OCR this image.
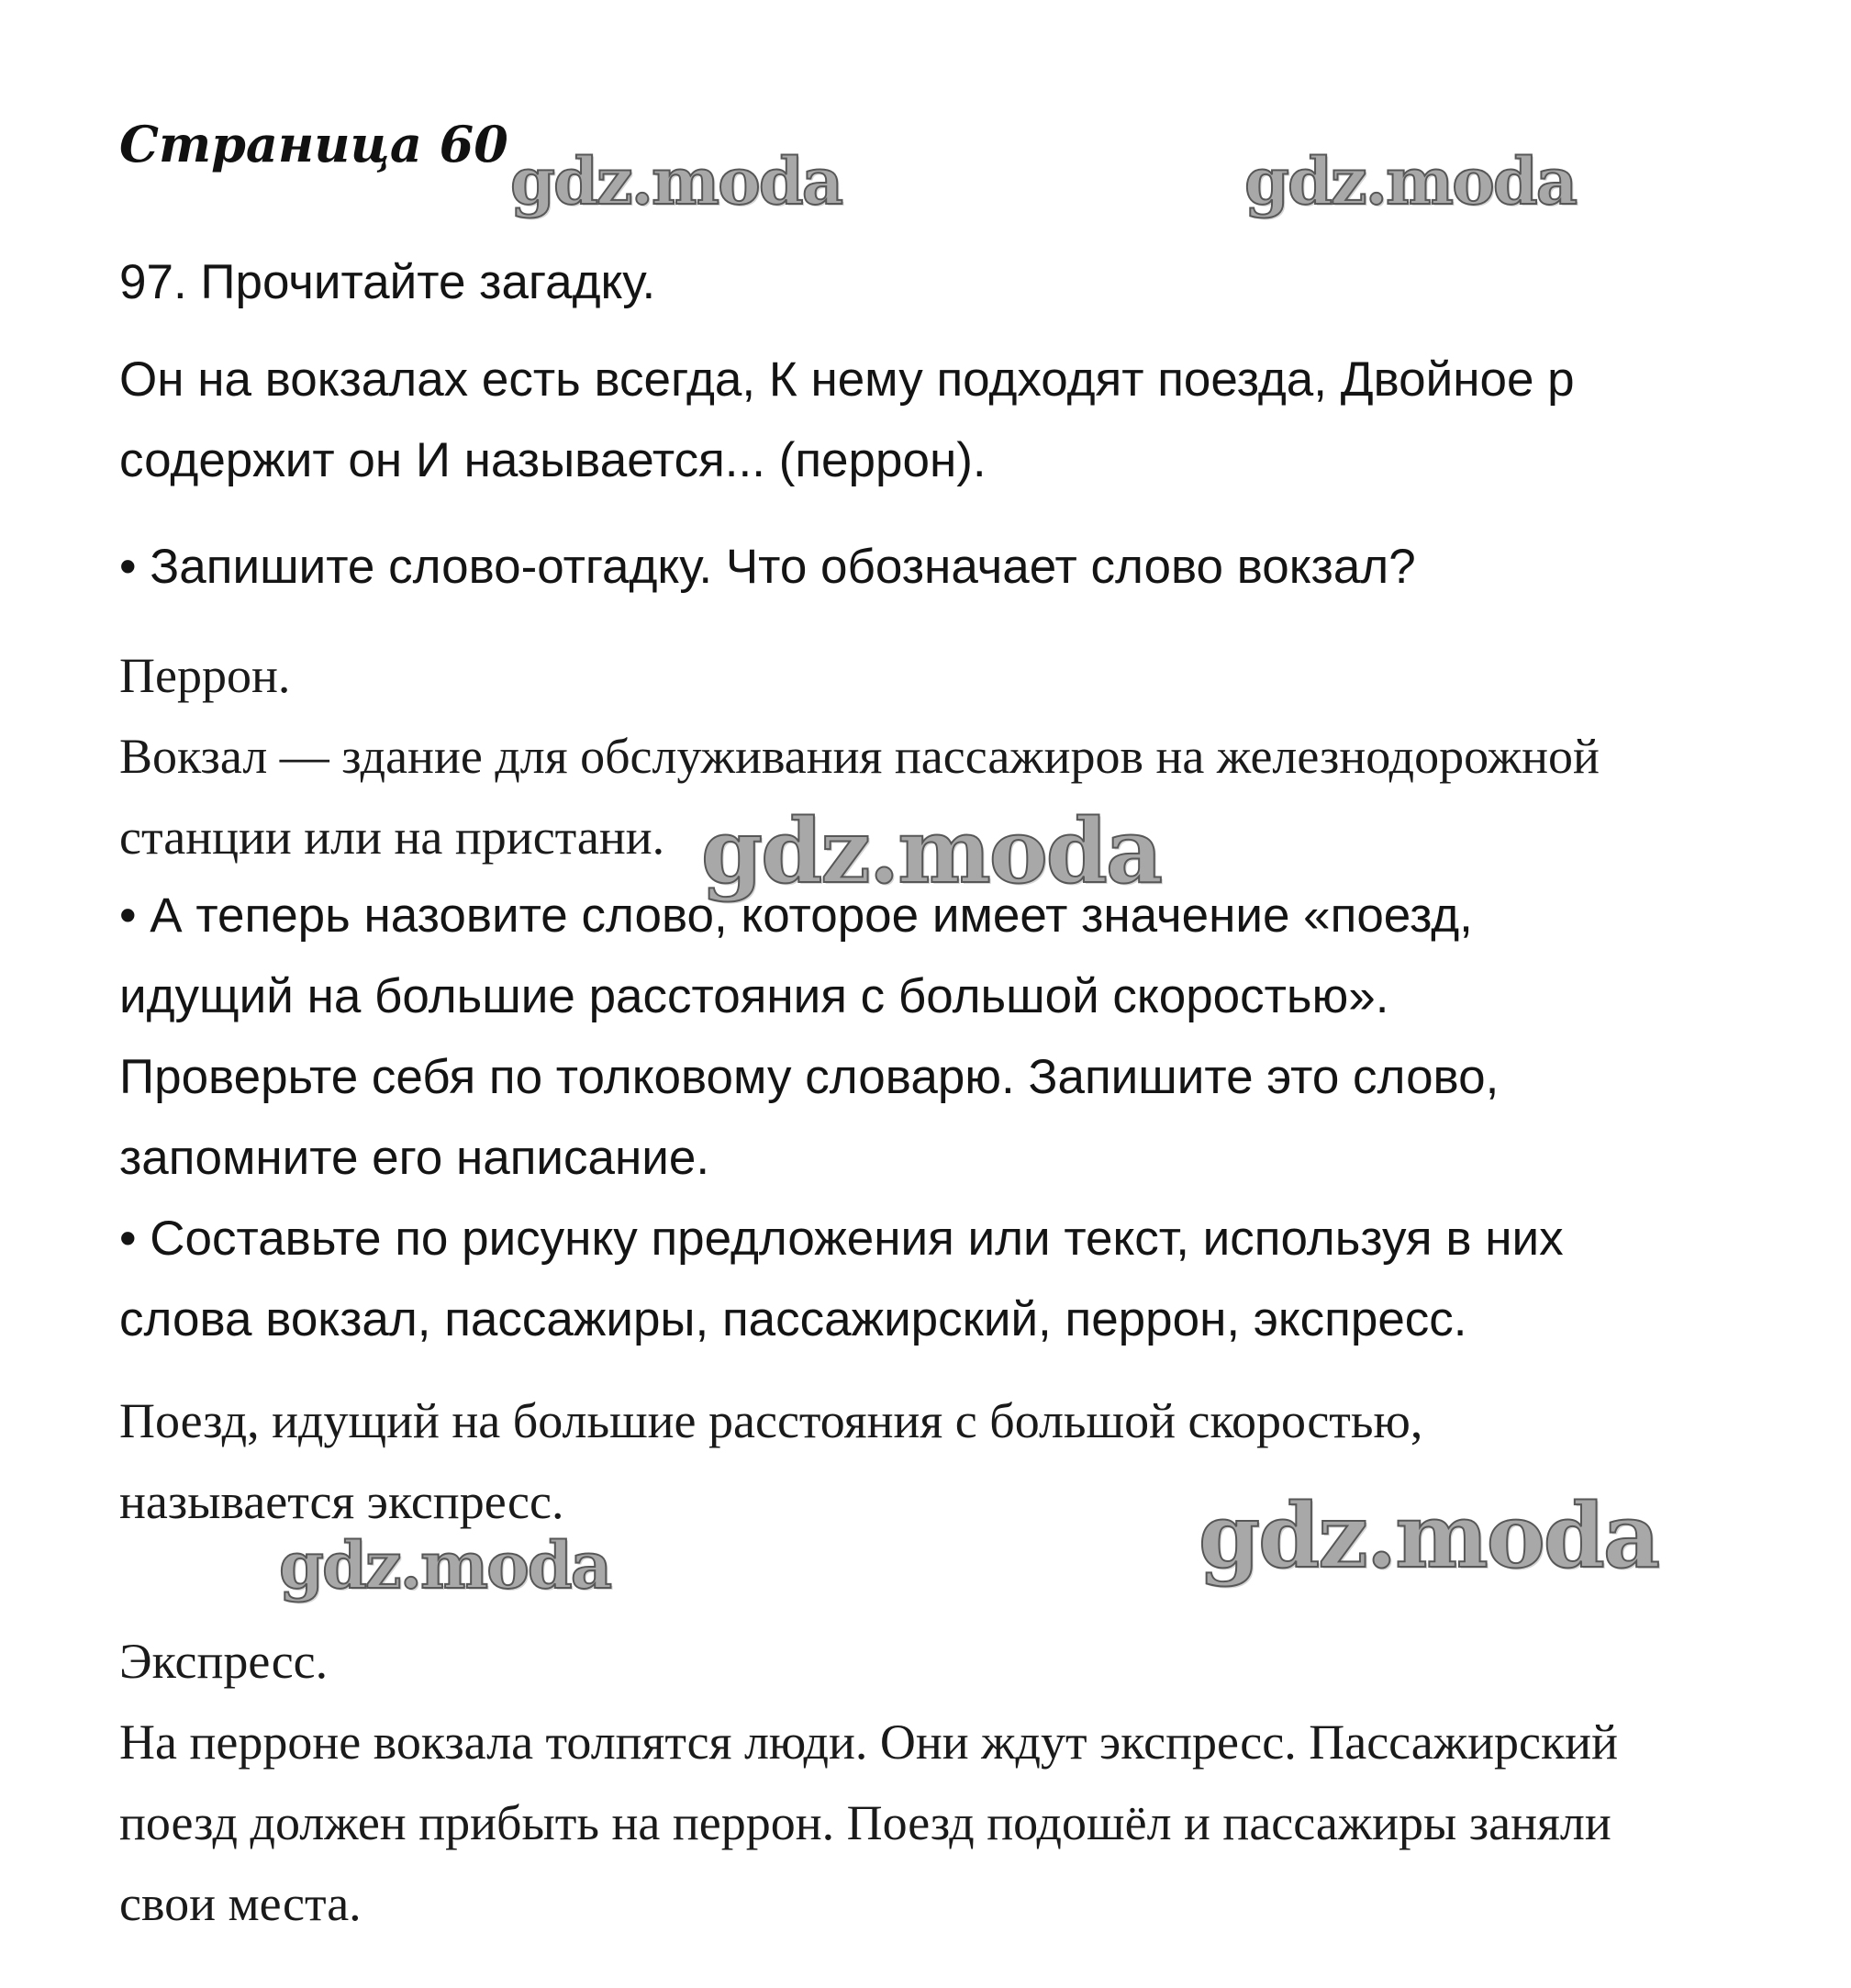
Страница 60
97. Прочитайте загадку.
Он на вокзалах есть всегда, К нему подходят поезда, Двойное р
содержит он И называется... (перрон).
• Запишите слово-отгадку. Что обозначает слово вокзал?
Перрон.
Вокзал — здание для обслуживания пассажиров на железнодорожной
станции или на пристани.
• А теперь назовите слово, которое имеет значение «поезд,
идущий на большие расстояния с большой скоростью».
Проверьте себя по толковому словарю. Запишите это слово,
запомните его написание.
• Составьте по рисунку предложения или текст, используя в них
слова вокзал, пассажиры, пассажирский, перрон, экспресс.
Поезд, идущий на большие расстояния с большой скоростью,
называется экспресс.
Экспресс.
На перроне вокзала толпятся люди. Они ждут экспресс. Пассажирский
поезд должен прибыть на перрон. Поезд подошёл и пассажиры заняли
свои места.
gdz.moda	gdz.moda
gdz.moda
gdz.moda
gdz.moda
